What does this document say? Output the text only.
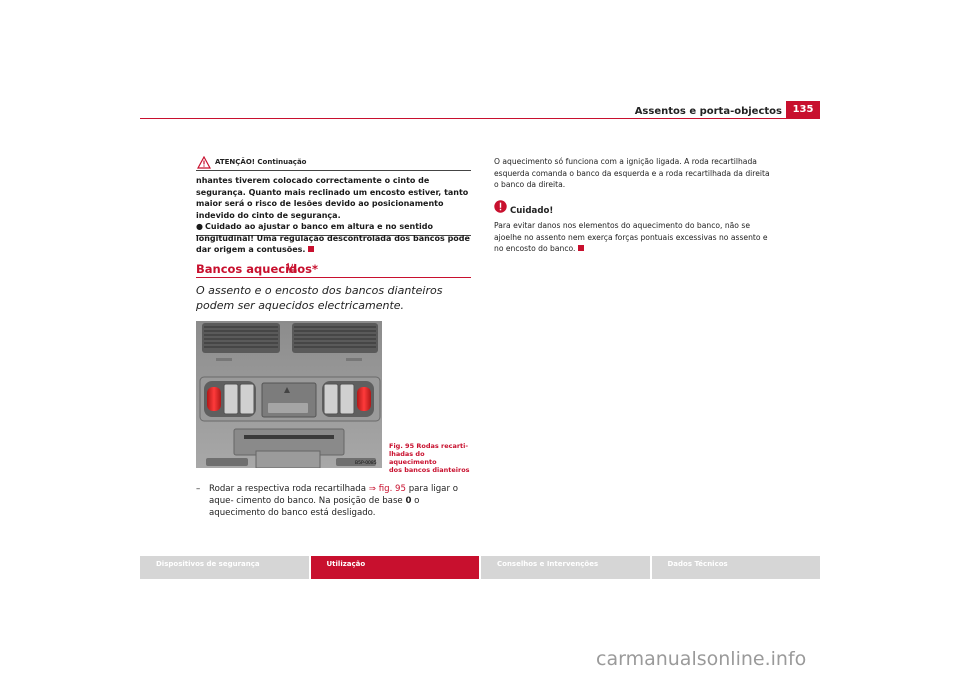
Assentos e porta-objectos	135
ATENÇÃO! Continuação

nhantes tiverem colocado correctamente o cinto de segurança. Quanto mais reclinado um encosto estiver, tanto maior será o risco de lesões devido ao posicionamento indevido do cinto de segurança.

● Cuidado ao ajustar o banco em altura e no sentido longitudinal! Uma regulação descontrolada dos bancos pode dar origem a contusões.

Bancos aquecidos*
O assento e o encosto dos bancos dianteiros podem ser aquecidos electricamente.
B5P-0085
Fig. 95 Rodas recarti-
lhadas do aquecimento
dos bancos dianteiros
–	Rodar a respectiva roda recartilhada ⇒ fig. 95 para ligar o aque- cimento do banco. Na posição de base 0 o aquecimento do banco está desligado.
O aquecimento só funciona com a ignição ligada. A roda recartilhada esquerda comanda o banco da esquerda e a roda recartilhada da direita o banco da direita.
Cuidado!
Para evitar danos nos elementos do aquecimento do banco, não se ajoelhe no assento nem exerça forças pontuais excessivas no assento e no encosto do banco.
Dispositivos de segurança	Utilização	Conselhos e Intervenções	Dados Técnicos
carmanualsonline.info
